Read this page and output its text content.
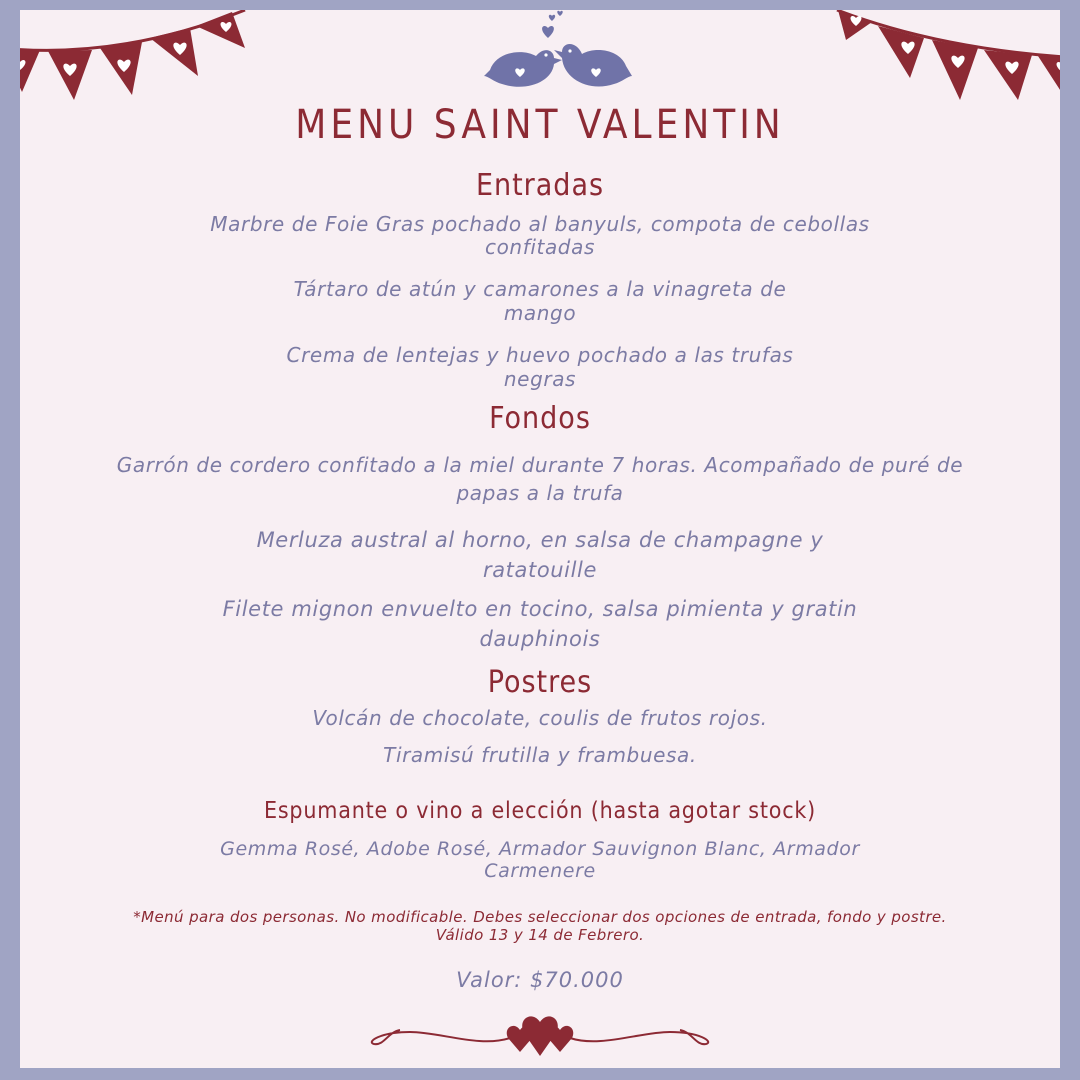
MENU SAINT VALENTIN
Entradas
Marbre de Foie Gras pochado al banyuls, compota de cebollas
confitadas
Tártaro de atún y camarones a la vinagreta de
mango
Crema de lentejas y huevo pochado a las trufas
negras
Fondos
Garrón de cordero confitado a la miel durante 7 horas. Acompañado de puré de
papas a la trufa
Merluza austral al horno, en salsa de champagne y
ratatouille
Filete mignon envuelto en tocino, salsa pimienta y gratin
dauphinois
Postres
Volcán de chocolate, coulis de frutos rojos.
Tiramisú frutilla y frambuesa.
Espumante o vino a elección (hasta agotar stock)
Gemma Rosé, Adobe Rosé, Armador Sauvignon Blanc, Armador
Carmenere
*Menú para dos personas. No modificable. Debes seleccionar dos opciones de entrada, fondo y postre.
Válido 13 y 14 de Febrero.
Valor: $70.000
